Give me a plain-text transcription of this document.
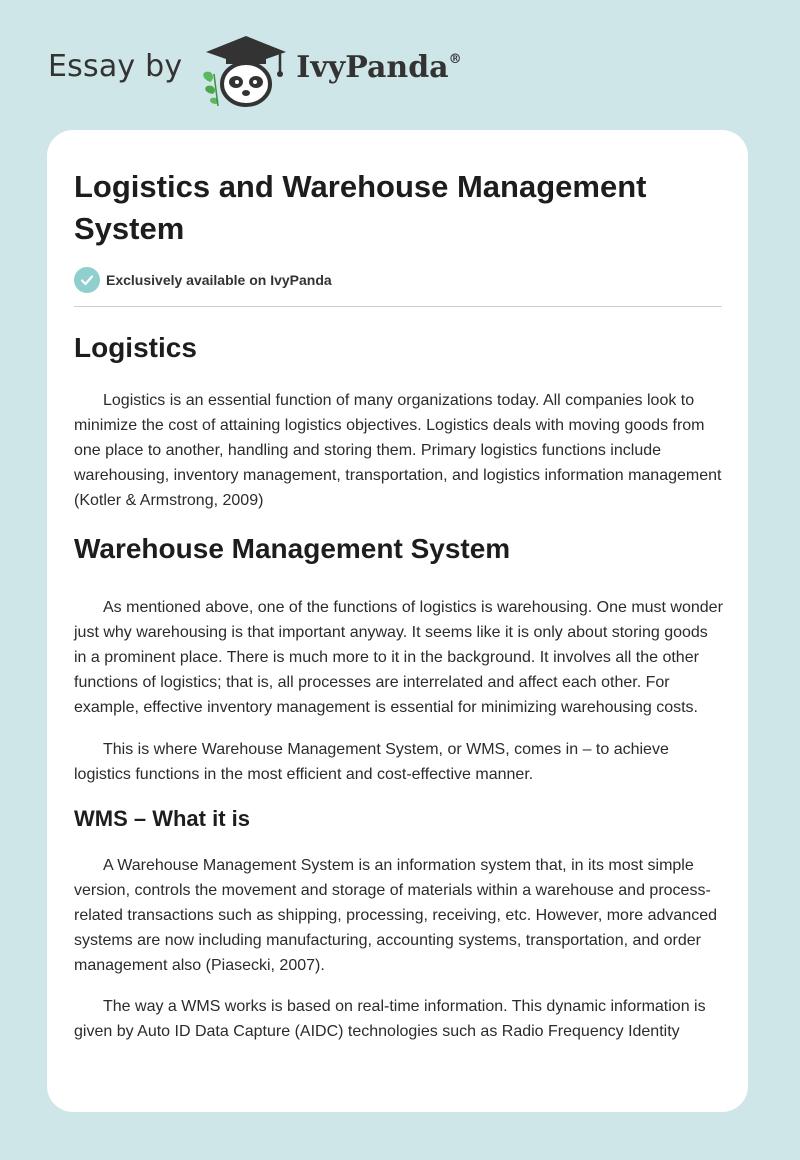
Essay by	IvyPanda®
Logistics and Warehouse Management System
Exclusively available on IvyPanda
Logistics

Logistics is an essential function of many organizations today. All companies look to minimize the cost of attaining logistics objectives. Logistics deals with moving goods from one place to another, handling and storing them. Primary logistics functions include warehousing, inventory management, transportation, and logistics information management (Kotler & Armstrong, 2009)

Warehouse Management System

As mentioned above, one of the functions of logistics is warehousing. One must wonder just why warehousing is that important anyway. It seems like it is only about storing goods in a prominent place. There is much more to it in the background. It involves all the other functions of logistics; that is, all processes are interrelated and affect each other. For example, effective inventory management is essential for minimizing warehousing costs.

This is where Warehouse Management System, or WMS, comes in – to achieve logistics functions in the most efficient and cost-effective manner.

WMS – What it is

A Warehouse Management System is an information system that, in its most simple version, controls the movement and storage of materials within a warehouse and process-related transactions such as shipping, processing, receiving, etc. However, more advanced systems are now including manufacturing, accounting systems, transportation, and order management also (Piasecki, 2007).

The way a WMS works is based on real-time information. This dynamic information is given by Auto ID Data Capture (AIDC) technologies such as Radio Frequency Identity
